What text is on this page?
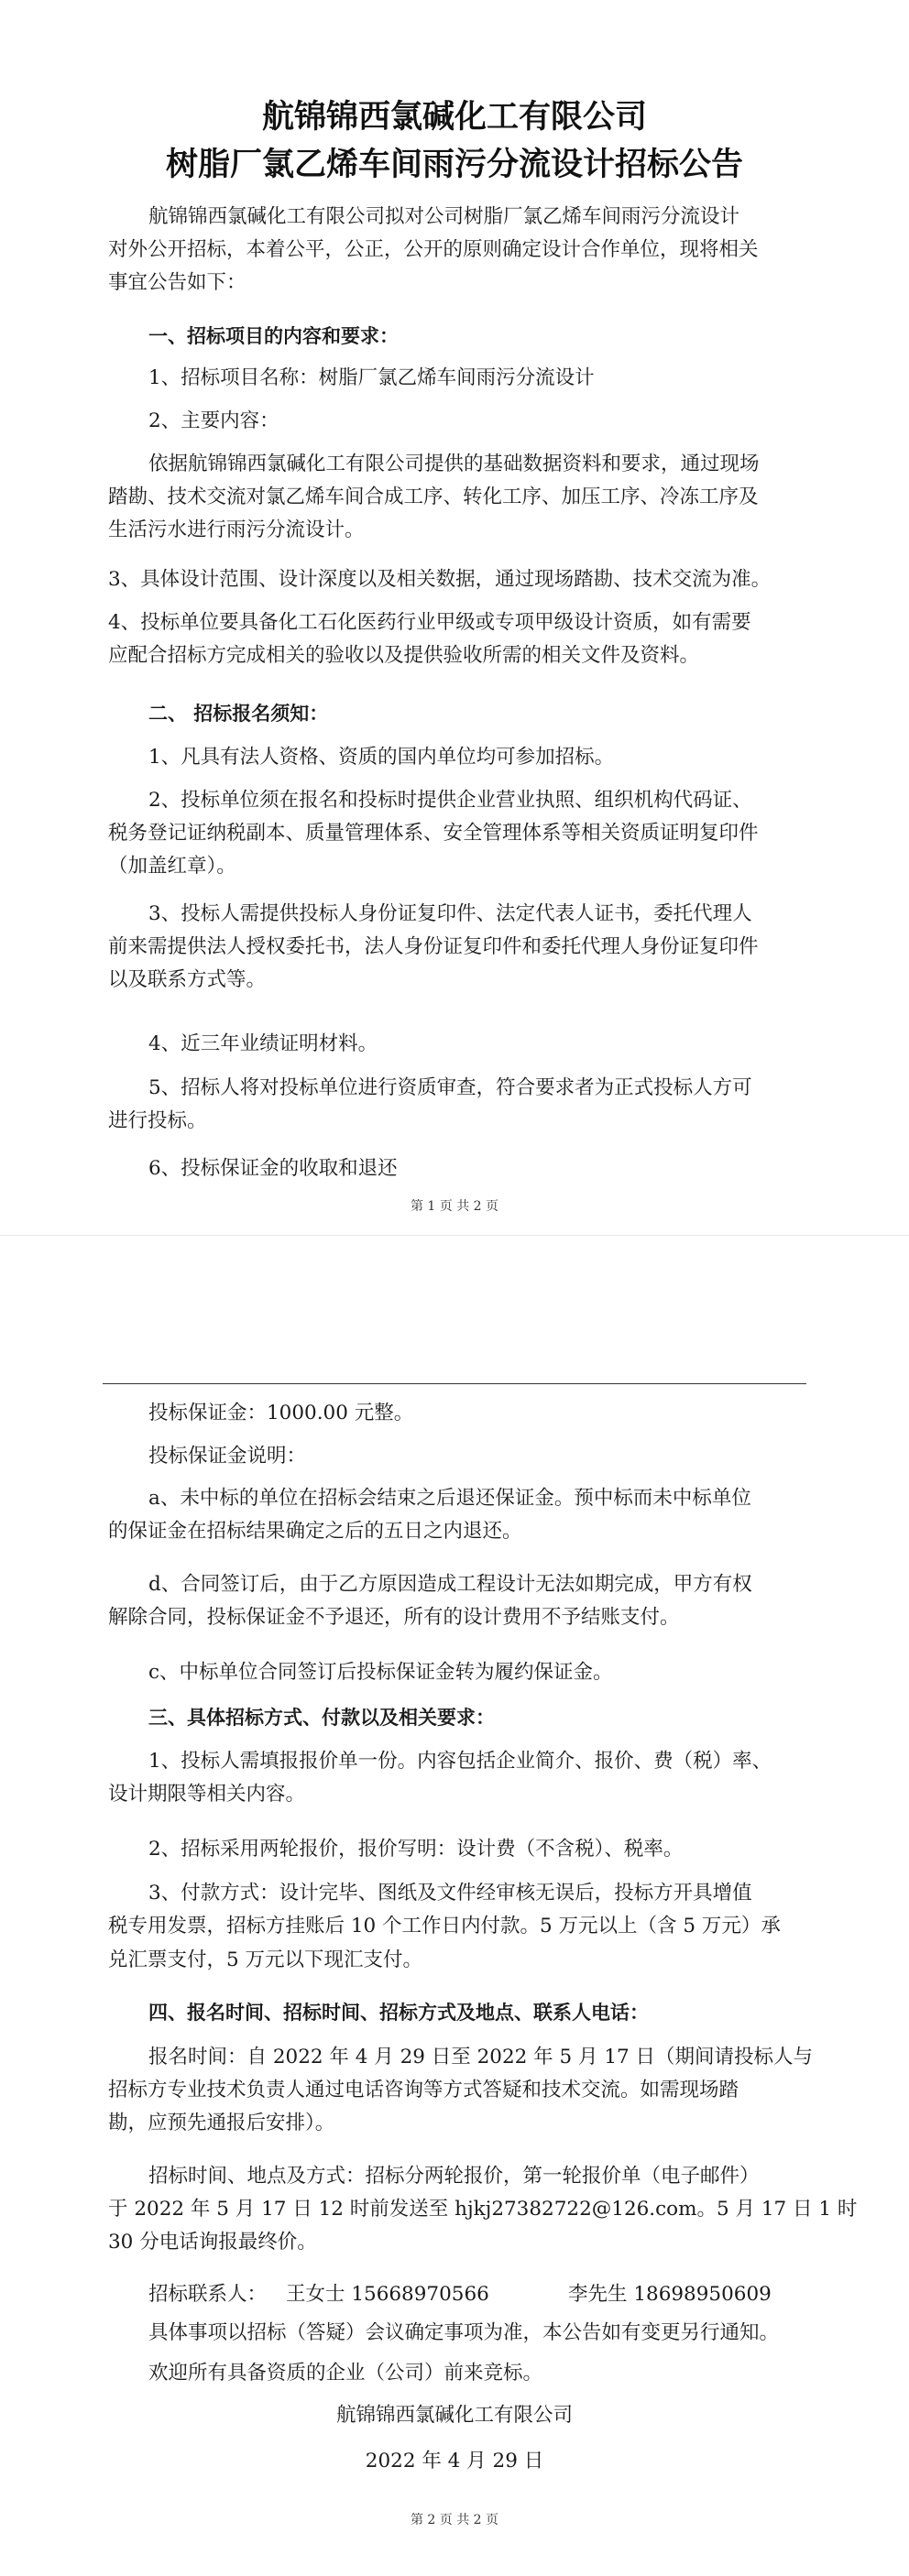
航锦锦西氯碱化工有限公司
树脂厂氯乙烯车间雨污分流设计招标公告
航锦锦西氯碱化工有限公司拟对公司树脂厂氯乙烯车间雨污分流设计
对外公开招标，本着公平，公正，公开的原则确定设计合作单位，现将相关
事宜公告如下：
一、招标项目的内容和要求：
1、招标项目名称：树脂厂氯乙烯车间雨污分流设计
2、主要内容：
依据航锦锦西氯碱化工有限公司提供的基础数据资料和要求，通过现场
踏勘、技术交流对氯乙烯车间合成工序、转化工序、加压工序、冷冻工序及
生活污水进行雨污分流设计。
3、具体设计范围、设计深度以及相关数据，通过现场踏勘、技术交流为准。
4、投标单位要具备化工石化医药行业甲级或专项甲级设计资质，如有需要
应配合招标方完成相关的验收以及提供验收所需的相关文件及资料。
二、 招标报名须知：
1、凡具有法人资格、资质的国内单位均可参加招标。
2、投标单位须在报名和投标时提供企业营业执照、组织机构代码证、
税务登记证纳税副本、质量管理体系、安全管理体系等相关资质证明复印件
（加盖红章）。
3、投标人需提供投标人身份证复印件、法定代表人证书，委托代理人
前来需提供法人授权委托书，法人身份证复印件和委托代理人身份证复印件
以及联系方式等。
4、近三年业绩证明材料。
5、招标人将对投标单位进行资质审查，符合要求者为正式投标人方可
进行投标。
6、投标保证金的收取和退还
第 1 页 共 2 页
投标保证金：1000.00 元整。
投标保证金说明：
a、未中标的单位在招标会结束之后退还保证金。预中标而未中标单位
的保证金在招标结果确定之后的五日之内退还。
d、合同签订后，由于乙方原因造成工程设计无法如期完成，甲方有权
解除合同，投标保证金不予退还，所有的设计费用不予结账支付。
c、中标单位合同签订后投标保证金转为履约保证金。
三、具体招标方式、付款以及相关要求：
1、投标人需填报报价单一份。内容包括企业简介、报价、费（税）率、
设计期限等相关内容。
2、招标采用两轮报价，报价写明：设计费（不含税）、税率。
3、付款方式：设计完毕、图纸及文件经审核无误后，投标方开具增值
税专用发票，招标方挂账后 10 个工作日内付款。5 万元以上（含 5 万元）承
兑汇票支付，5 万元以下现汇支付。
四、报名时间、招标时间、招标方式及地点、联系人电话：
报名时间：自 2022 年 4 月 29 日至 2022 年 5 月 17 日（期间请投标人与
招标方专业技术负责人通过电话咨询等方式答疑和技术交流。如需现场踏
勘，应预先通报后安排）。
招标时间、地点及方式：招标分两轮报价，第一轮报价单（电子邮件）
于 2022 年 5 月 17 日 12 时前发送至 hjkj27382722@126.com。5 月 17 日 1 时
30 分电话询报最终价。
招标联系人： 王女士 15668970566	李先生 18698950609
具体事项以招标（答疑）会议确定事项为准，本公告如有变更另行通知。
欢迎所有具备资质的企业（公司）前来竞标。
航锦锦西氯碱化工有限公司
2022 年 4 月 29 日
第 2 页 共 2 页
